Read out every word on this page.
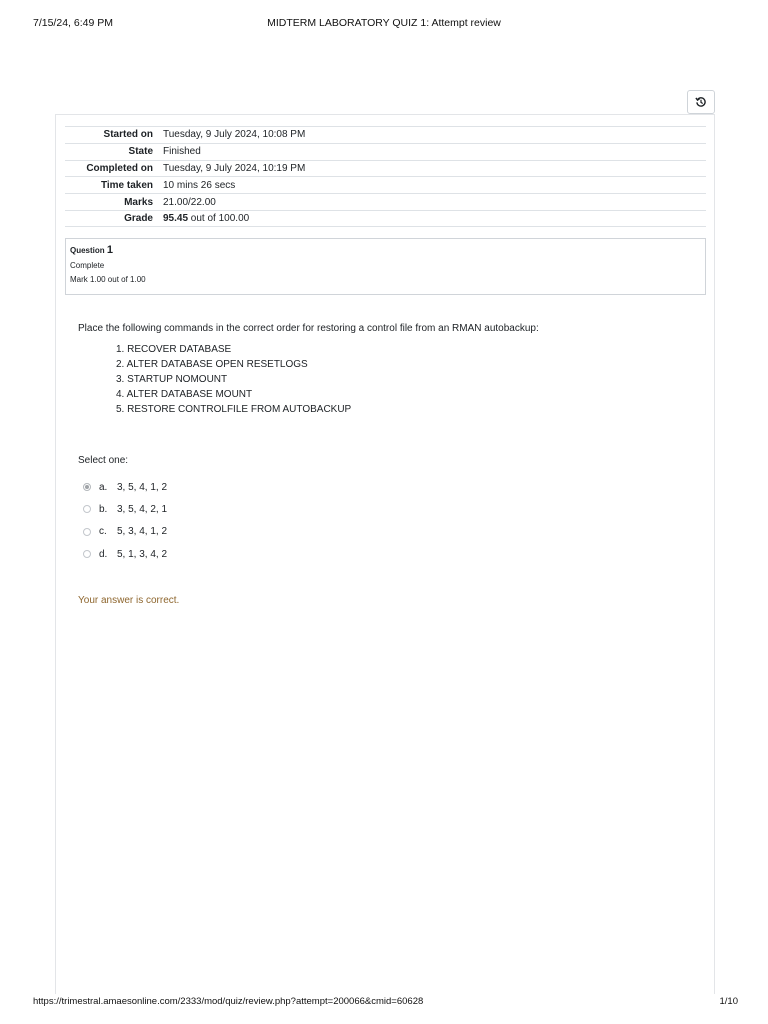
7/15/24, 6:49 PM	MIDTERM LABORATORY QUIZ 1: Attempt review
Started on	Tuesday, 9 July 2024, 10:08 PM
State	Finished
Completed on	Tuesday, 9 July 2024, 10:19 PM
Time taken	10 mins 26 secs
Marks	21.00/22.00
Grade	95.45 out of 100.00
Question 1
Complete
Mark 1.00 out of 1.00
Place the following commands in the correct order for restoring a control file from an RMAN autobackup:
1. RECOVER DATABASE
2. ALTER DATABASE OPEN RESETLOGS
3. STARTUP NOMOUNT
4. ALTER DATABASE MOUNT
5. RESTORE CONTROLFILE FROM AUTOBACKUP
Select one:
a. 3, 5, 4, 1, 2
b. 3, 5, 4, 2, 1
c.	5, 3, 4, 1, 2
d. 5, 1, 3, 4, 2
Your answer is correct.
https://trimestral.amaesonline.com/2333/mod/quiz/review.php?attempt=200066&cmid=60628	1/10
